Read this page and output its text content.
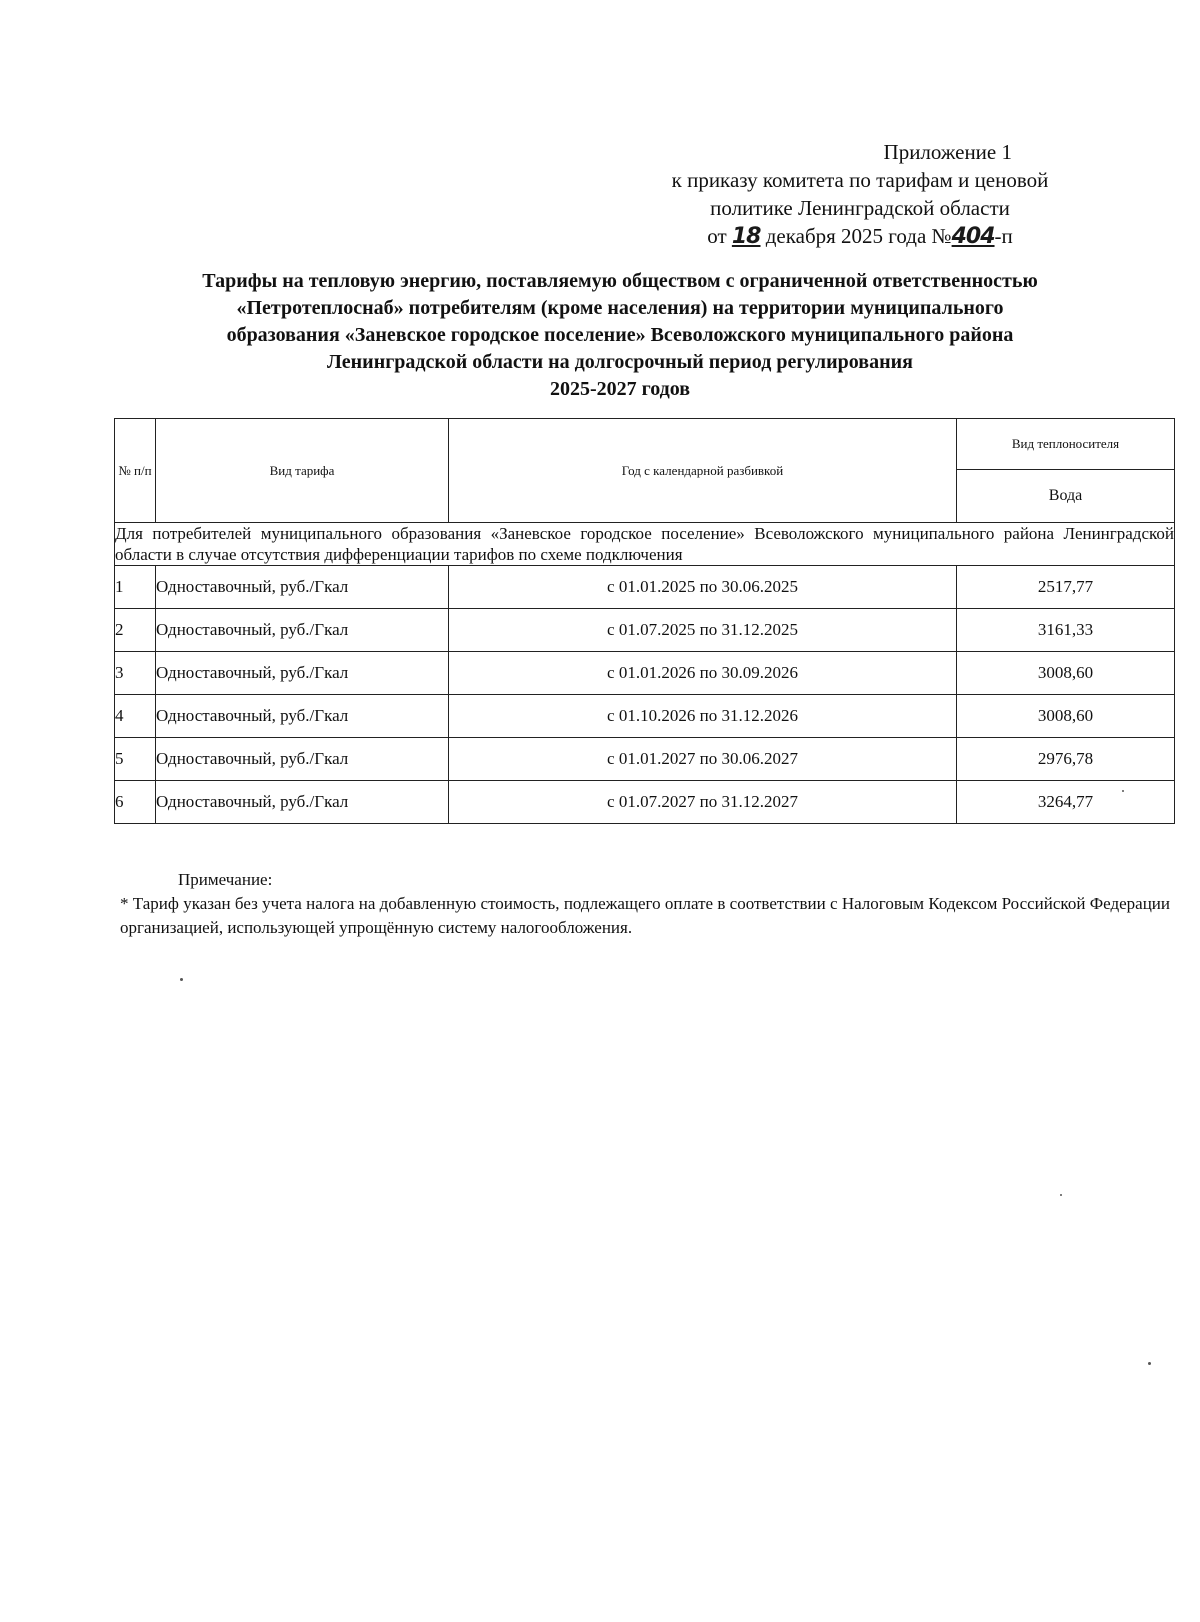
Приложение 1
к приказу комитета по тарифам и ценовой
политике Ленинградской области
от 18 декабря 2025 года №404-п
Тарифы на тепловую энергию, поставляемую обществом с ограниченной ответственностью
«Петротеплоснаб» потребителям (кроме населения) на территории муниципального
образования «Заневское городское поселение» Всеволожского муниципального района
Ленинградской области на долгосрочный период регулирования
2025-2027 годов
№ п/п	Вид тарифа	Год с календарной разбивкой	Вид теплоносителя
			Вода
Для потребителей муниципального образования «Заневское городское поселение» Всеволожского муниципального района Ленинградской области в случае отсутствия дифференциации тарифов по схеме подключения			
1	Одноставочный, руб./Гкал	с 01.01.2025 по 30.06.2025	2517,77
2	Одноставочный, руб./Гкал	с 01.07.2025 по 31.12.2025	3161,33
3	Одноставочный, руб./Гкал	с 01.01.2026 по 30.09.2026	3008,60
4	Одноставочный, руб./Гкал	с 01.10.2026 по 31.12.2026	3008,60
5	Одноставочный, руб./Гкал	с 01.01.2027 по 30.06.2027	2976,78
6	Одноставочный, руб./Гкал	с 01.07.2027 по 31.12.2027	3264,77
Примечание:
* Тариф указан без учета налога на добавленную стоимость, подлежащего оплате в соответствии с Налоговым Кодексом Российской Федерации организацией, использующей упрощённую систему налогообложения.
